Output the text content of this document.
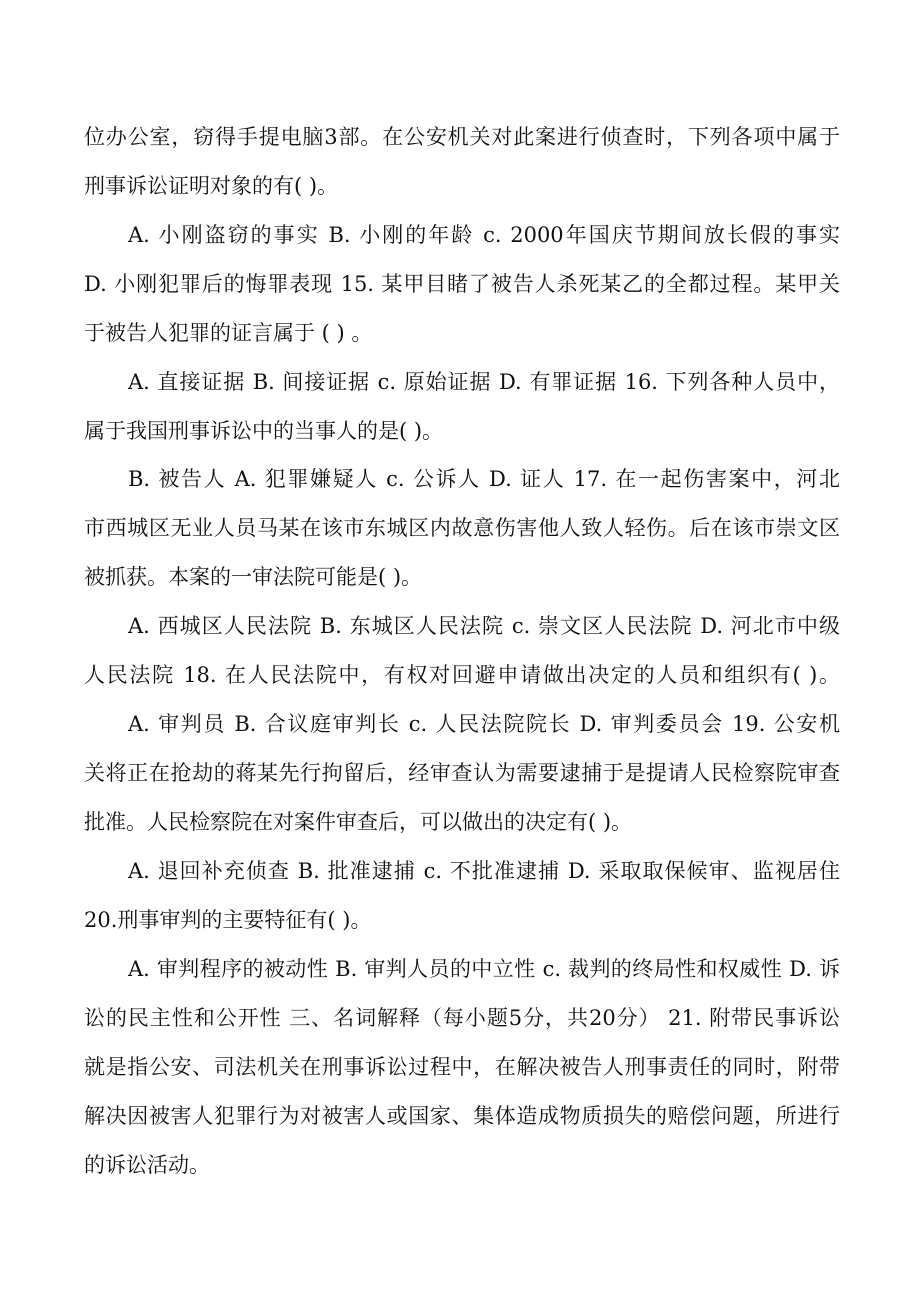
位办公室，窃得手提电脑3部。在公安机关对此案进行侦查时，下列各项中属于
刑事诉讼证明对象的有( )。
A. 小刚盗窃的事实 B. 小刚的年龄 c. 2000年国庆节期间放长假的事实
D. 小刚犯罪后的悔罪表现 15. 某甲目睹了被告人杀死某乙的全都过程。某甲关
于被告人犯罪的证言属于 ( ) 。
A. 直接证据 B. 间接证据 c. 原始证据 D. 有罪证据 16. 下列各种人员中，
属于我国刑事诉讼中的当事人的是( )。
B. 被告人 A. 犯罪嫌疑人 c. 公诉人 D. 证人 17. 在一起伤害案中，河北
市西城区无业人员马某在该市东城区内故意伤害他人致人轻伤。后在该市崇文区
被抓获。本案的一审法院可能是( )。
A. 西城区人民法院 B. 东城区人民法院 c. 崇文区人民法院 D. 河北市中级
人民法院 18. 在人民法院中，有权对回避申请做出决定的人员和组织有( )。
A. 审判员 B. 合议庭审判长 c. 人民法院院长 D. 审判委员会 19. 公安机
关将正在抢劫的蒋某先行拘留后，经审查认为需要逮捕于是提请人民检察院审查
批准。人民检察院在对案件审查后，可以做出的决定有( )。
A. 退回补充侦查 B. 批准逮捕 c. 不批准逮捕 D. 采取取保候审、监视居住
20.刑事审判的主要特征有( )。
A. 审判程序的被动性 B. 审判人员的中立性 c. 裁判的终局性和权威性 D. 诉
讼的民主性和公开性 三、名词解释（每小题5分，共20分） 21. 附带民事诉讼
就是指公安、司法机关在刑事诉讼过程中，在解决被告人刑事责任的同时，附带
解决因被害人犯罪行为对被害人或国家、集体造成物质损失的赔偿问题，所进行
的诉讼活动。
